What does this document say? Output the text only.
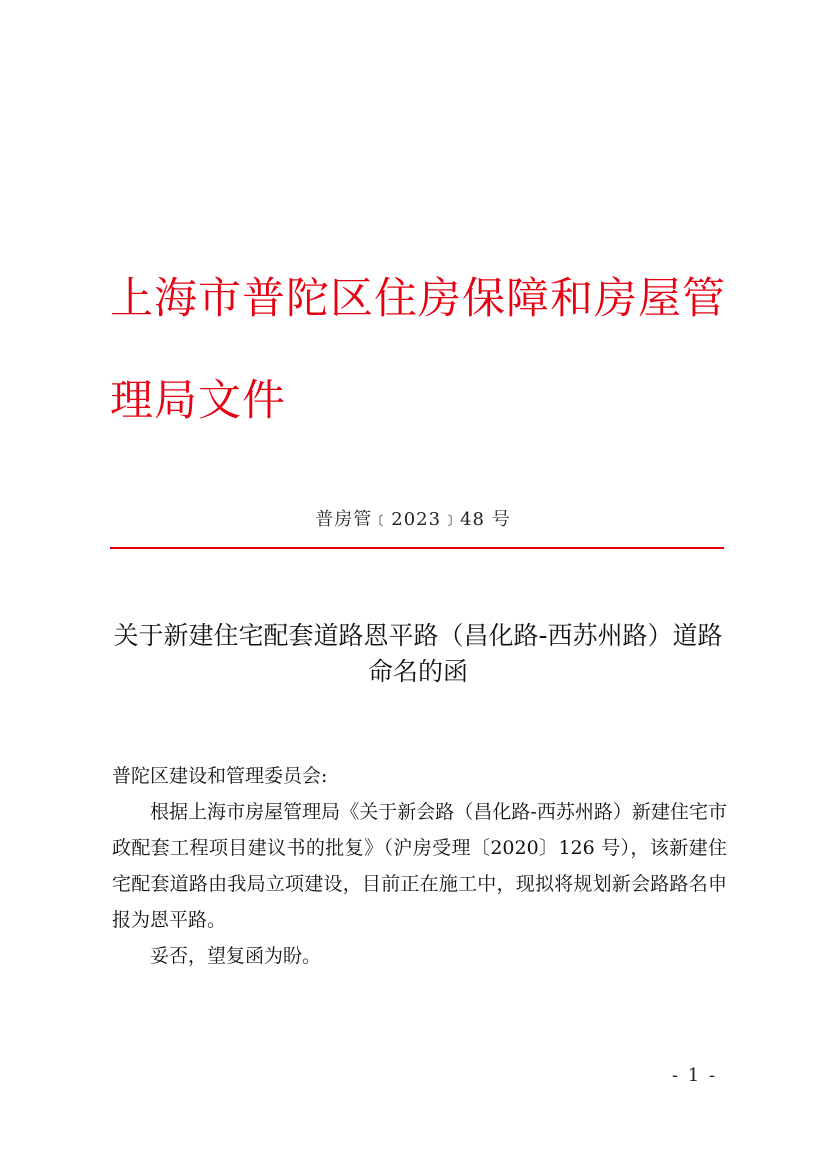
上海市普陀区住房保障和房屋管理局文件
普房管﹝2023﹞48 号
关于新建住宅配套道路恩平路（昌化路-西苏州路）道路命名的函
普陀区建设和管理委员会:

根据上海市房屋管理局《关于新会路（昌化路-西苏州路）新建住宅市政配套工程项目建议书的批复》（沪房受理〔2020〕126 号），该新建住宅配套道路由我局立项建设，目前正在施工中，现拟将规划新会路路名申报为恩平路。

妥否，望复函为盼。
- 1 -
